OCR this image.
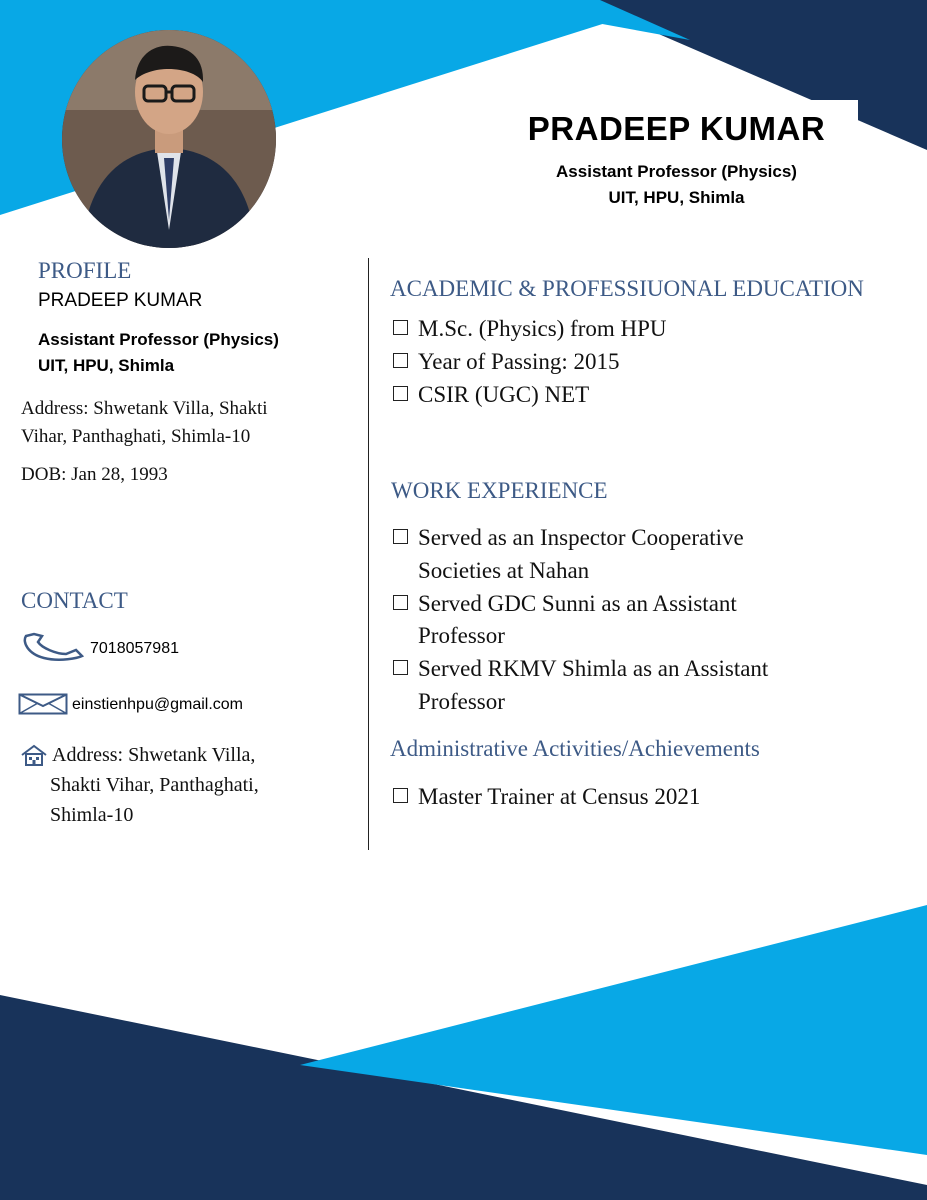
PRADEEP KUMAR
Assistant Professor (Physics)
UIT, HPU, Shimla
PROFILE
PRADEEP KUMAR
Assistant Professor (Physics)
UIT, HPU, Shimla
Address: Shwetank Villa, Shakti
Vihar, Panthaghati, Shimla-10
DOB: Jan 28, 1993
CONTACT
7018057981
einstienhpu@gmail.com
Address: Shwetank Villa,
Shakti Vihar, Panthaghati,
Shimla-10
ACADEMIC & PROFESSIUONAL EDUCATION
M.Sc. (Physics) from HPU
Year of Passing: 2015
CSIR (UGC) NET
WORK EXPERIENCE
Served as an Inspector Cooperative
Societies at Nahan
Served GDC Sunni as an Assistant
Professor
Served RKMV Shimla as an Assistant
Professor
Administrative Activities/Achievements
Master Trainer at Census 2021
